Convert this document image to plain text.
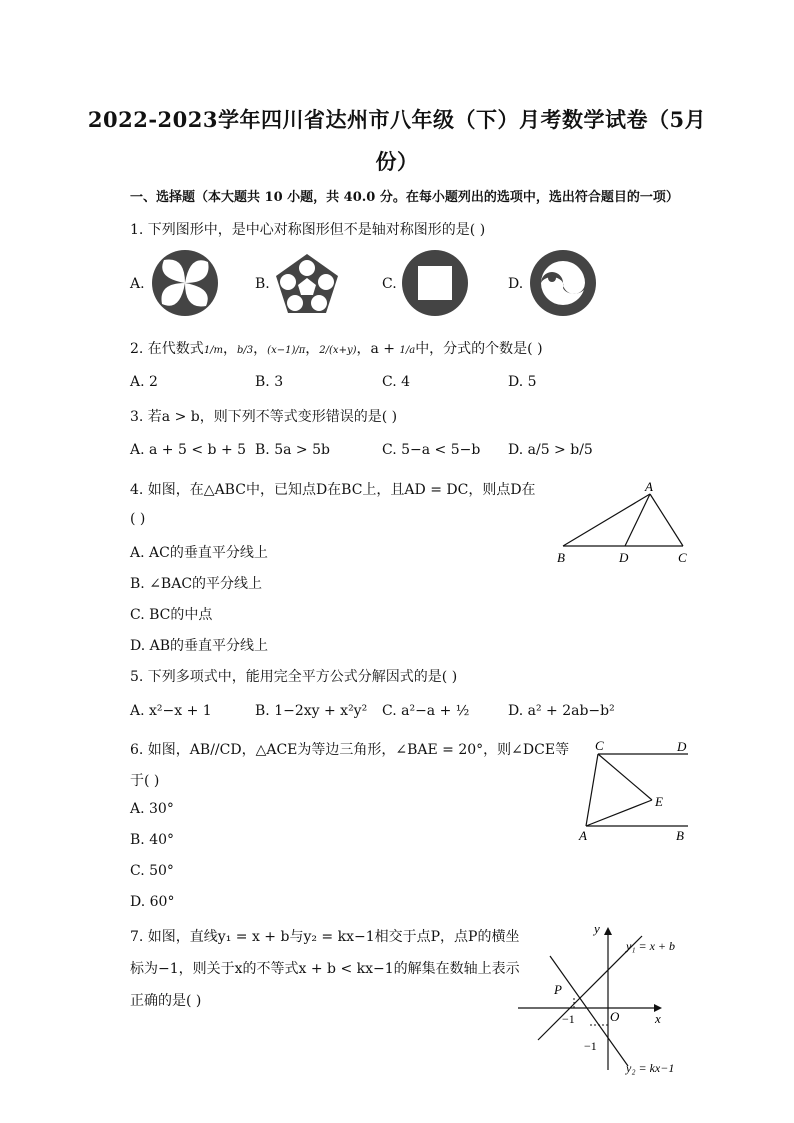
2022-2023学年四川省达州市八年级（下）月考数学试卷（5月
份）
一、选择题（本大题共 10 小题，共 40.0 分。在每小题列出的选项中，选出符合题目的一项）
1. 下列图形中，是中心对称图形但不是轴对称图形的是( )
A.	B.	C.	D.
2. 在代数式1/m，b/3，(x−1)/π，2/(x+y)，a + 1/a中，分式的个数是( )
A. 2	B. 3	C. 4	D. 5
3. 若a > b，则下列不等式变形错误的是( )
A. a + 5 < b + 5 B. 5a > 5b	C. 5−a < 5−b D. a/5 > b/5
4. 如图，在△ABC中，已知点D在BC上，且AD = DC，则点D在
( )
A. AC的垂直平分线上
B. ∠BAC的平分线上
C. BC的中点
D. AB的垂直平分线上
A
B	D	C
5. 下列多项式中，能用完全平方公式分解因式的是( )
A. x²−x + 1	B. 1−2xy + x²y² C. a²−a + ½	D. a² + 2ab−b²
6. 如图，AB//CD，△ACE为等边三角形，∠BAE = 20°，则∠DCE等
于( )
A. 30°
B. 40°
C. 50°
D. 60°
C	D
E
A	B
7. 如图，直线y₁ = x + b与y₂ = kx−1相交于点P，点P的横坐
标为−1，则关于x的不等式x + b < kx−1的解集在数轴上表示
正确的是( )
y
y₁ = x + b
P
−1	O	x
−1
y₂ = kx−1
